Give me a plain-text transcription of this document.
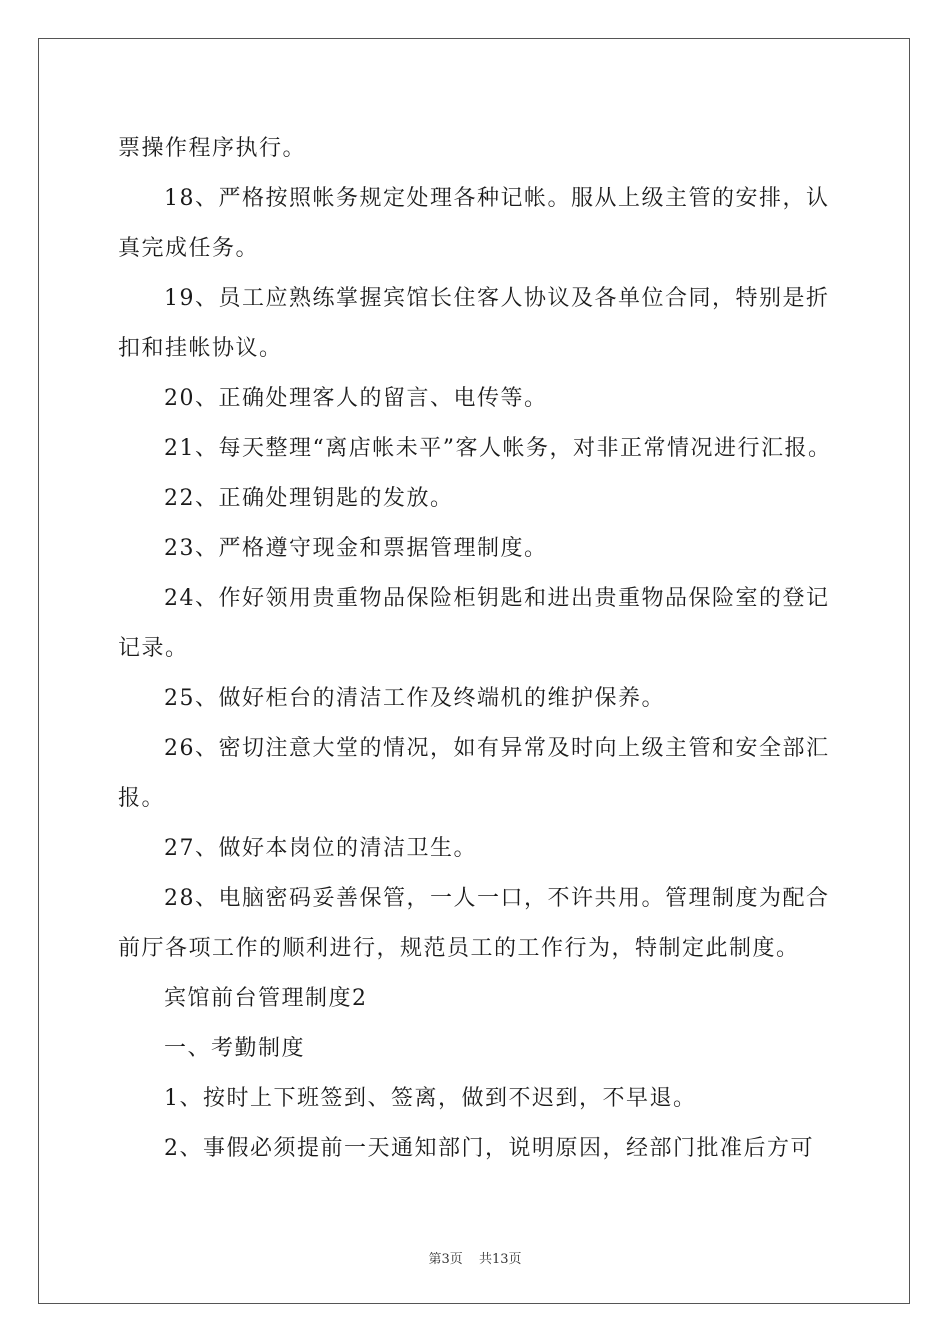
票操作程序执行。

18、严格按照帐务规定处理各种记帐。服从上级主管的安排，认

真完成任务。

19、员工应熟练掌握宾馆长住客人协议及各单位合同，特别是折

扣和挂帐协议。

20、正确处理客人的留言、电传等。

21、每天整理“离店帐未平”客人帐务，对非正常情况进行汇报。

22、正确处理钥匙的发放。

23、严格遵守现金和票据管理制度。

24、作好领用贵重物品保险柜钥匙和进出贵重物品保险室的登记

记录。

25、做好柜台的清洁工作及终端机的维护保养。

26、密切注意大堂的情况，如有异常及时向上级主管和安全部汇

报。

27、做好本岗位的清洁卫生。

28、电脑密码妥善保管，一人一口，不许共用。管理制度为配合

前厅各项工作的顺利进行，规范员工的工作行为，特制定此制度。

宾馆前台管理制度2

一、考勤制度

1、按时上下班签到、签离，做到不迟到，不早退。

2、事假必须提前一天通知部门，说明原因，经部门批准后方可

第3页 共13页
